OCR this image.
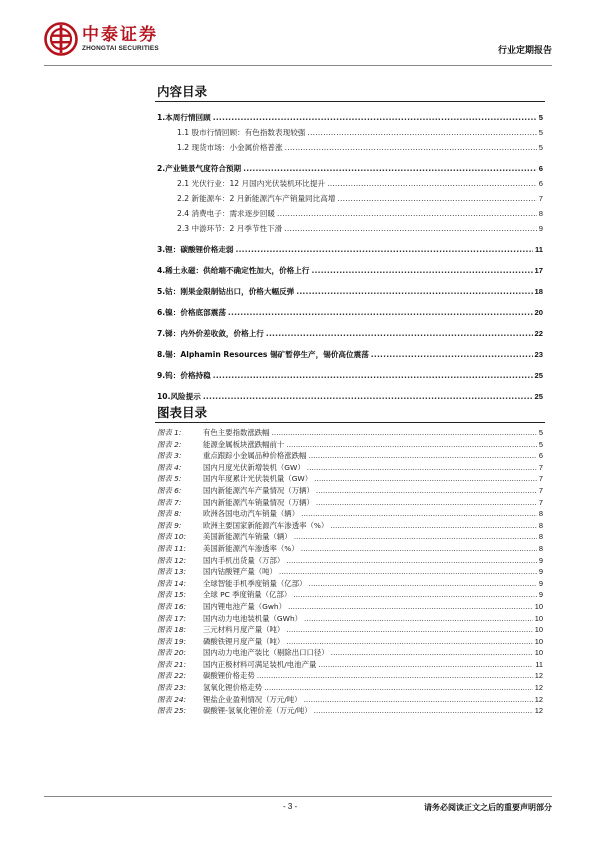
中泰证券
ZHONGTAI SECURITIES	行业定期报告
内容目录
1.本周行情回顾 .....	5
1.1 股市行情回顾：有色指数表现较强 .....	5
1.2 现货市场：小金属价格普涨 .....	5
2.产业链景气度符合预期 .....	6
2.1 光伏行业：12 月国内光伏装机环比提升 .....	6
2.2 新能源车：2 月新能源汽车产销量同比高增 .....	7
2.4 消费电子：需求逐步回暖 .....	8
2.3 中游环节：2 月季节性下滑 .....	9
3.锂：碳酸锂价格走弱 .....	11
4.稀土永磁：供给端不确定性加大，价格上行 .....	17
5.钴：刚果金限制钴出口，价格大幅反弹 .....	18
6.镍：价格底部震荡 .....	20
7.锑：内外价差收敛，价格上行 .....	22
8.锡：Alphamin Resources 锡矿暂停生产，锡价高位震荡 .....	23
9.钨：价格持稳 .....	25
10.风险提示 .....	25
图表目录
图表 1:	有色主要指数涨跌幅 .....	5
图表 2:	能源金属板块涨跌幅前十 .....	5
图表 3:	重点跟踪小金属品种价格涨跌幅 .....	6
图表 4:	国内月度光伏新增装机（GW） .....	7
图表 5:	国内年度累计光伏装机量（GW） .....	7
图表 6:	国内新能源汽车产量情况（万辆） .....	7
图表 7:	国内新能源汽车销量情况（万辆） .....	7
图表 8:	欧洲各国电动汽车销量（辆） .....	8
图表 9:	欧洲主要国家新能源汽车渗透率（%） .....	8
图表 10:	美国新能源汽车销量（辆） .....	8
图表 11:	美国新能源汽车渗透率（%） .....	8
图表 12:	国内手机出货量（万部） .....	9
图表 13:	国内钴酸锂产量（吨） .....	9
图表 14:	全球智能手机季度销量（亿部） .....	9
图表 15:	全球 PC 季度销量（亿部） .....	9
图表 16:	国内锂电池产量（Gwh） .....	10
图表 17:	国内动力电池装机量（GWh） .....	10
图表 18:	三元材料月度产量（吨） .....	10
图表 19:	磷酸铁锂月度产量（吨） .....	10
图表 20:	国内动力电池产装比（剔除出口口径） .....	10
图表 21:	国内正极材料可满足装机/电池产量 .....	11
图表 22:	碳酸锂价格走势 .....	12
图表 23:	氢氧化锂价格走势 .....	12
图表 24:	锂盐企业盈利情况（万元/吨） .....	12
图表 25:	碳酸锂-氢氧化锂价差（万元/吨） .....	12
- 3 -	请务必阅读正文之后的重要声明部分
